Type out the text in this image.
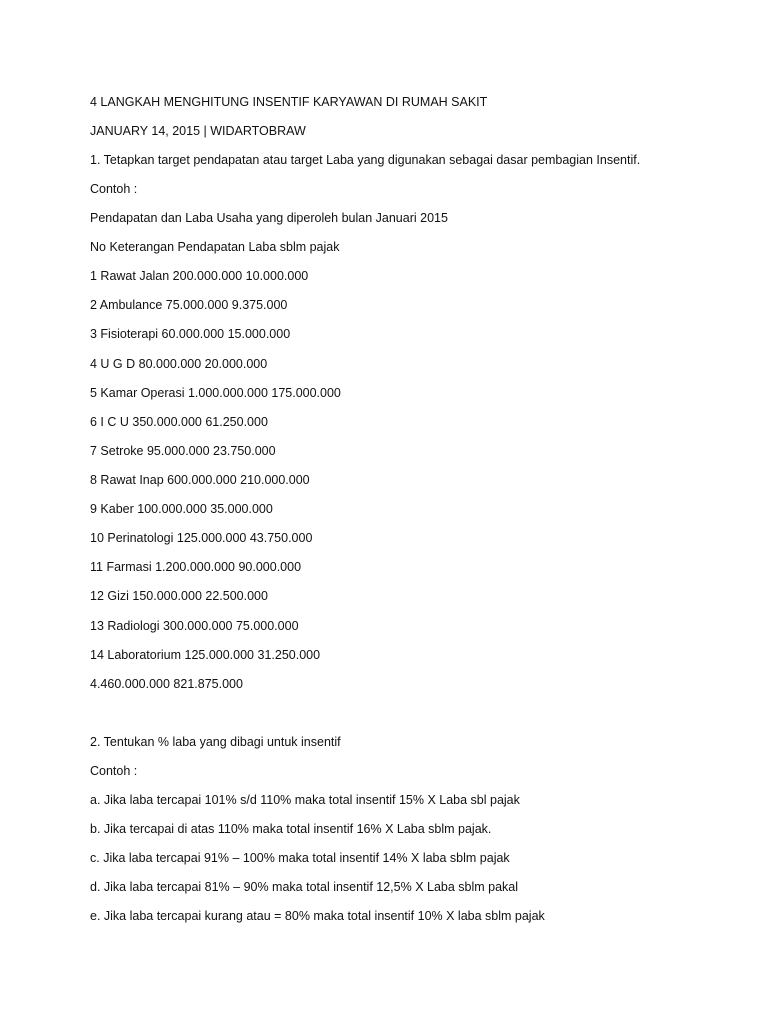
4 LANGKAH MENGHITUNG INSENTIF KARYAWAN DI RUMAH SAKIT
JANUARY 14, 2015 | WIDARTOBRAW
1. Tetapkan target pendapatan atau target Laba yang digunakan sebagai dasar pembagian Insentif.
Contoh :
Pendapatan dan Laba Usaha yang diperoleh bulan Januari 2015
No Keterangan Pendapatan Laba sblm pajak
1 Rawat Jalan 200.000.000 10.000.000
2 Ambulance 75.000.000 9.375.000
3 Fisioterapi 60.000.000 15.000.000
4 U G D 80.000.000 20.000.000
5 Kamar Operasi 1.000.000.000 175.000.000
6 I C U 350.000.000 61.250.000
7 Setroke 95.000.000 23.750.000
8 Rawat Inap 600.000.000 210.000.000
9 Kaber 100.000.000 35.000.000
10 Perinatologi 125.000.000 43.750.000
11 Farmasi 1.200.000.000 90.000.000
12 Gizi 150.000.000 22.500.000
13 Radiologi 300.000.000 75.000.000
14 Laboratorium 125.000.000 31.250.000
4.460.000.000 821.875.000
2. Tentukan % laba yang dibagi untuk insentif
Contoh :
a. Jika laba tercapai 101% s/d 110% maka total insentif 15% X Laba sbl pajak
b. Jika tercapai di atas 110% maka total insentif 16% X Laba sblm pajak.
c. Jika laba tercapai 91% – 100% maka total insentif 14% X laba sblm pajak
d. Jika laba tercapai 81% – 90% maka total insentif 12,5% X Laba sblm pakal
e. Jika laba tercapai kurang atau = 80% maka total insentif 10% X laba sblm pajak
